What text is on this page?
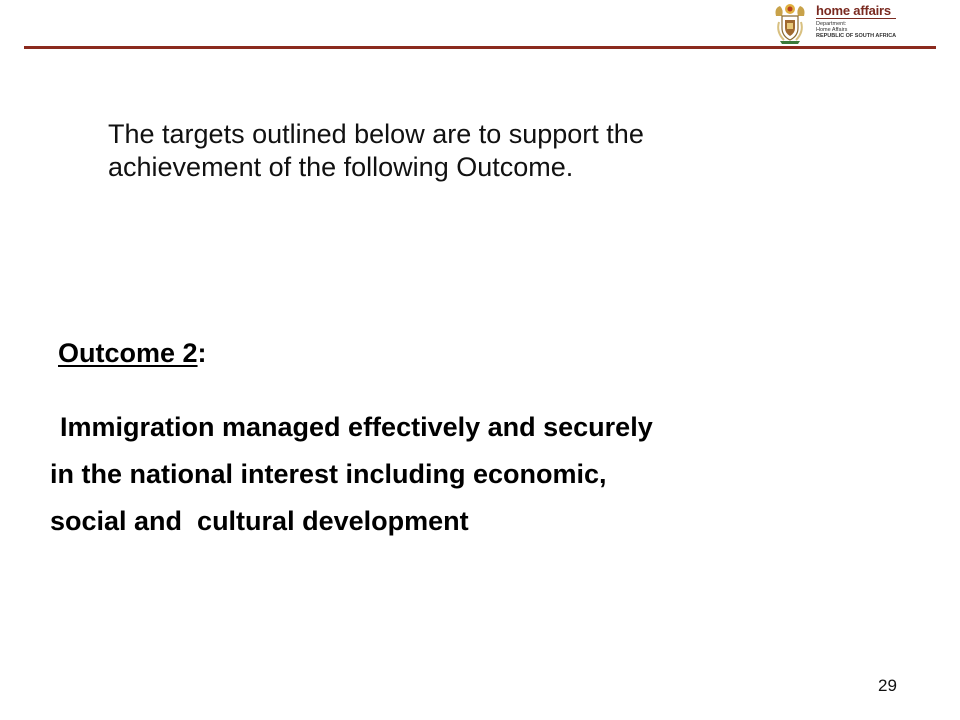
home affairs
Department:
Home Affairs
REPUBLIC OF SOUTH AFRICA
The targets outlined below are to support the
achievement of the following Outcome.
Outcome 2:
Immigration managed effectively and securely
in the national interest including economic,
social and  cultural development
29
